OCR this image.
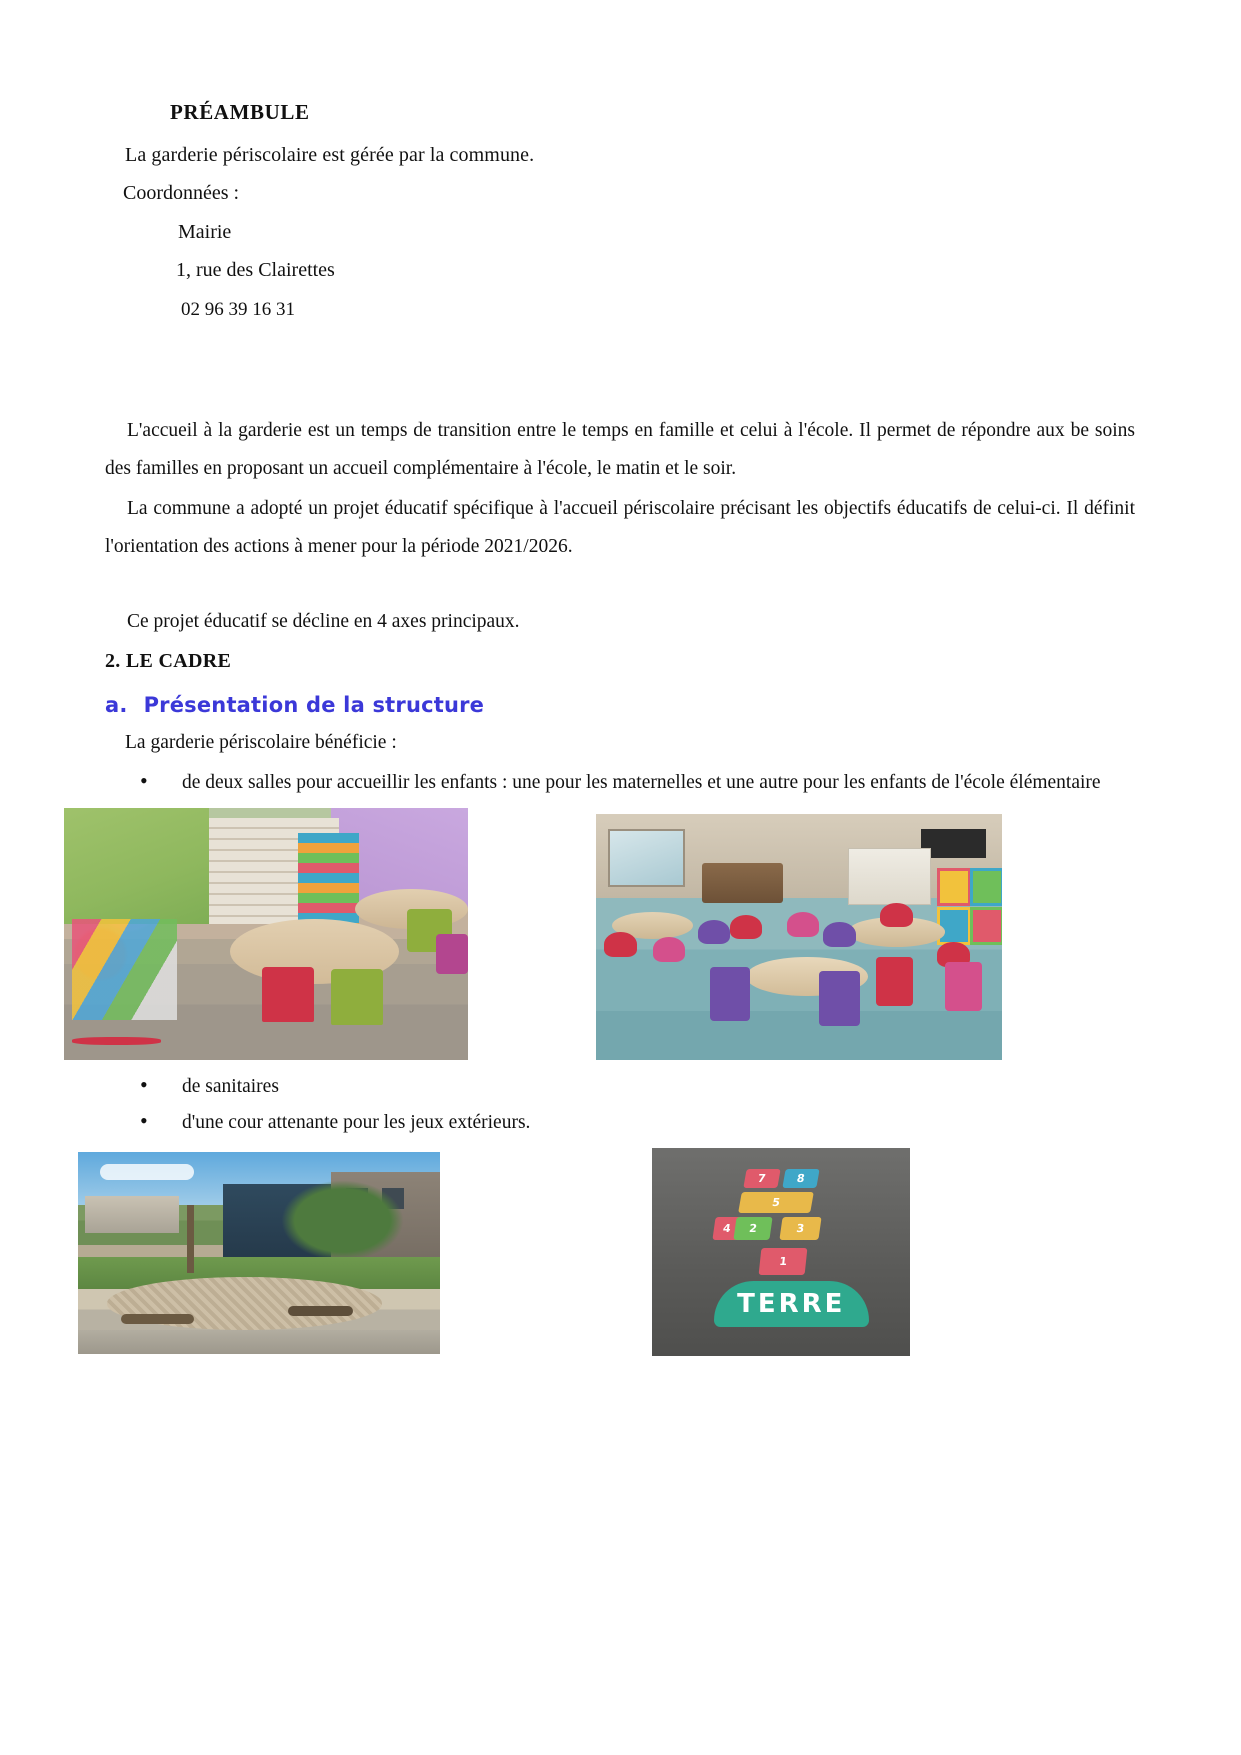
PRÉAMBULE
La garderie périscolaire est gérée par la commune.
Coordonnées :
Mairie
1, rue des Clairettes
02 96 39 16 31

L'accueil à la garderie est un temps de transition entre le temps en famille et celui à l'école. Il permet de répondre aux be soins des familles en proposant un accueil complémentaire à l'école, le matin et le soir.

La commune a adopté un projet éducatif spécifique à l'accueil périscolaire précisant les objectifs éducatifs de celui-ci. Il définit l'orientation des actions à mener pour la période 2021/2026.

Ce projet éducatif se décline en 4 axes principaux.

2. LE CADRE
a. Présentation de la structure
La garderie périscolaire bénéficie :
•de deux salles pour accueillir les enfants : une pour les maternelles et une autre pour les enfants de l'école élémentaire
•de sanitaires
•d'une cour attenante pour les jeux extérieurs.
7	8
5
4	2	3
1
TERRE
